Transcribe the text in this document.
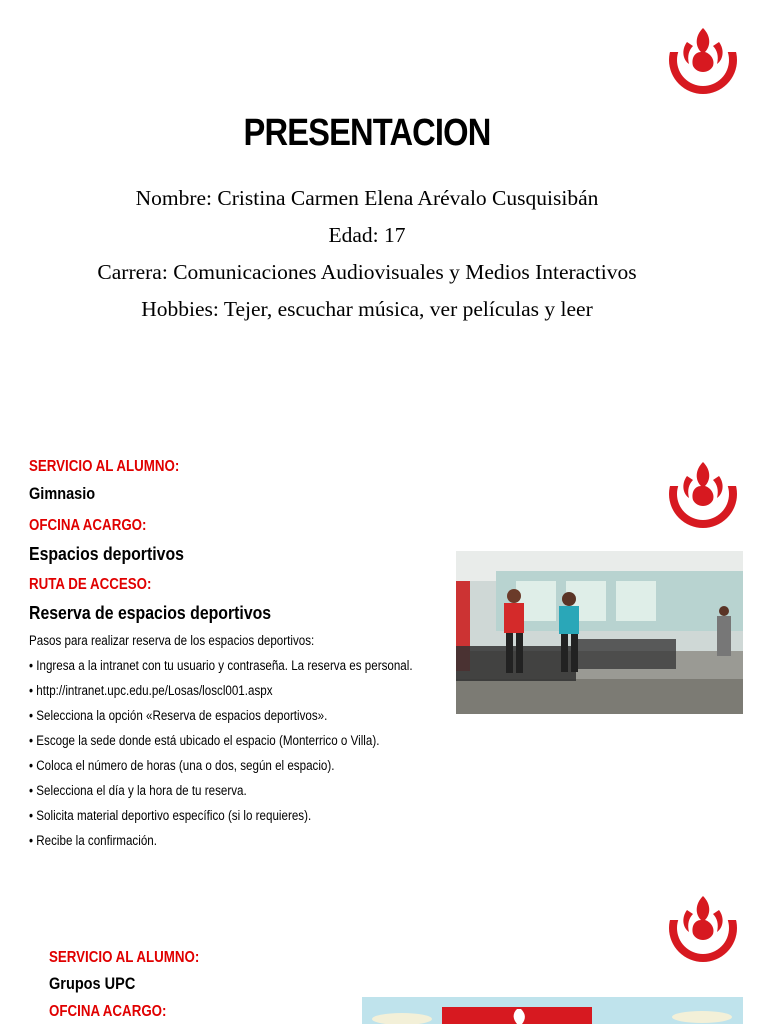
PRESENTACION
Nombre: Cristina Carmen Elena Arévalo Cusquisibán
Edad: 17
Carrera: Comunicaciones Audiovisuales y Medios Interactivos
Hobbies: Tejer, escuchar música, ver películas y leer
SERVICIO AL ALUMNO:
Gimnasio
OFCINA ACARGO:
Espacios deportivos
RUTA DE ACCESO:
Reserva de espacios deportivos
Pasos para realizar reserva de los espacios deportivos:
• Ingresa a la intranet con tu usuario y contraseña. La reserva es personal.
• http://intranet.upc.edu.pe/Losas/loscl001.aspx
• Selecciona la opción «Reserva de espacios deportivos».
• Escoge la sede donde está ubicado el espacio (Monterrico o Villa).
• Coloca el número de horas (una o dos, según el espacio).
• Selecciona el día y la hora de tu reserva.
• Solicita material deportivo específico (si lo requieres).
• Recibe la confirmación.
SERVICIO AL ALUMNO:
Grupos UPC
OFCINA ACARGO:
